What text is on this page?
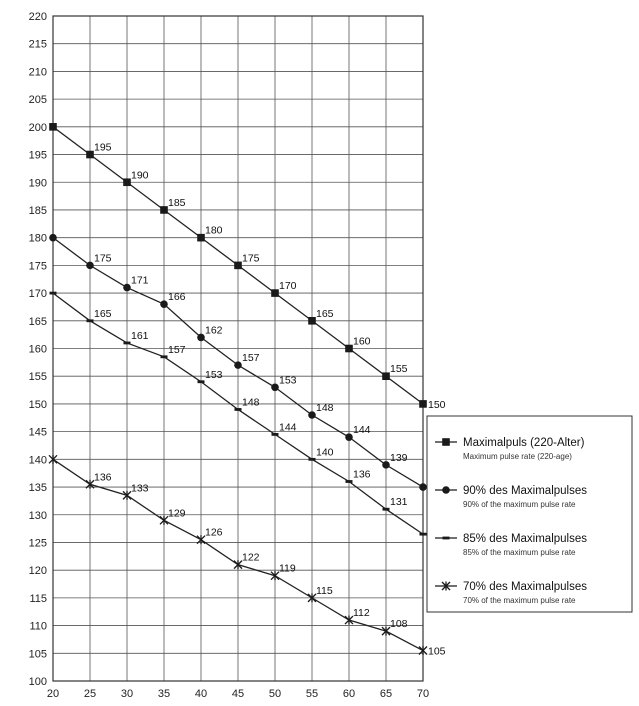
100
105
110
115
120
125
130
135
140
145
150
155
160
165
170
175
180
185
190
195
200
205
210
215
220
20 25 30 35 40 45 50 55 60 65 70
195
190
185
180
175
170
165
160
155
150
175
171
166
162
157
153
148
144
139
165
161
157
153
148
144
140
136
131
136
133
129
126
122
119
115
112
108
105
Maximalpuls (220-Alter)
Maximum pulse rate (220-age)
90% des Maximalpulses
90% of the maximum pulse rate
85% des Maximalpulses
85% of the maximum pulse rate
70% des Maximalpulses
70% of the maximum pulse rate
